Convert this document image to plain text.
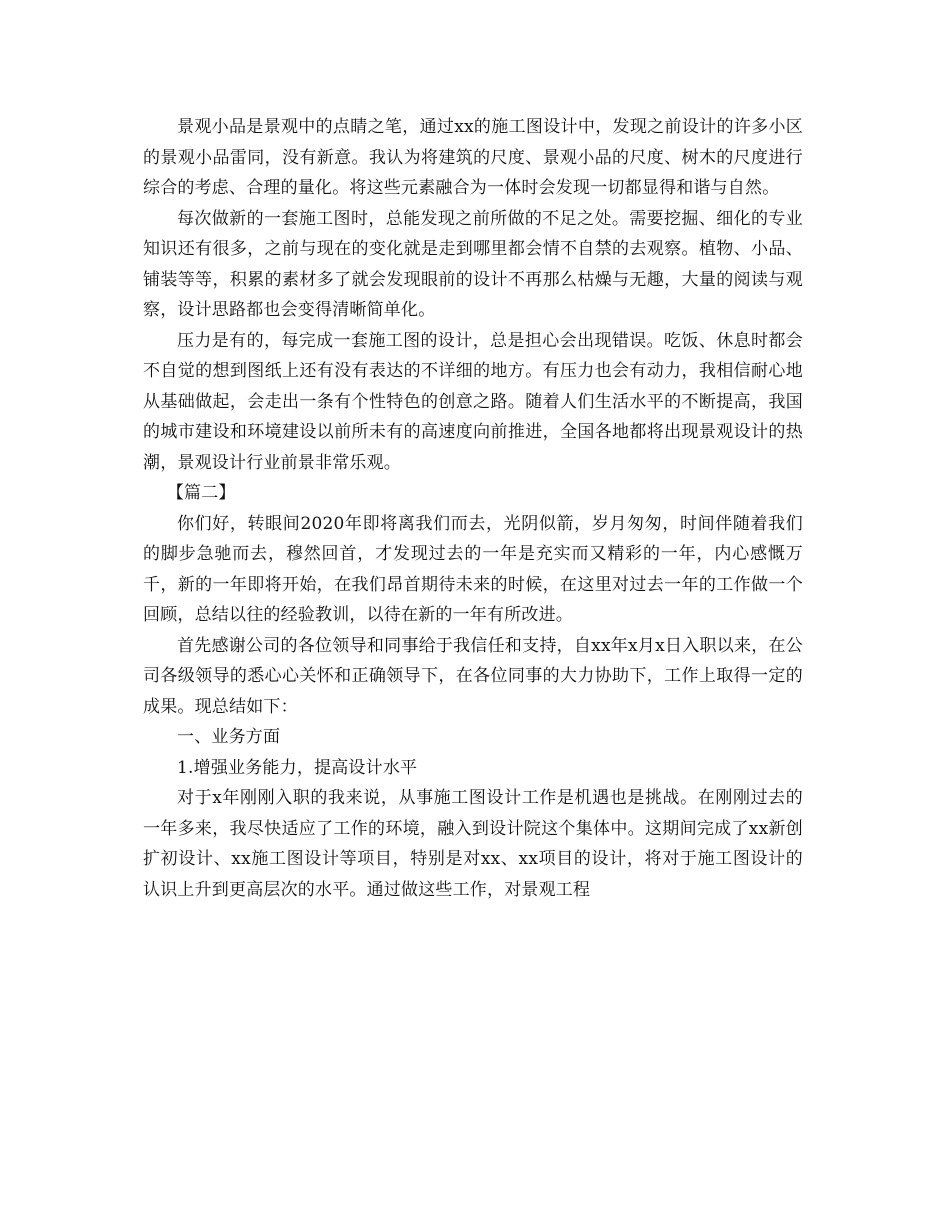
景观小品是景观中的点睛之笔，通过xx的施工图设计中，发现之前设计的许多小区的景观小品雷同，没有新意。我认为将建筑的尺度、景观小品的尺度、树木的尺度进行综合的考虑、合理的量化。将这些元素融合为一体时会发现一切都显得和谐与自然。

每次做新的一套施工图时，总能发现之前所做的不足之处。需要挖掘、细化的专业知识还有很多，之前与现在的变化就是走到哪里都会情不自禁的去观察。植物、小品、铺装等等，积累的素材多了就会发现眼前的设计不再那么枯燥与无趣，大量的阅读与观察，设计思路都也会变得清晰简单化。

压力是有的，每完成一套施工图的设计，总是担心会出现错误。吃饭、休息时都会不自觉的想到图纸上还有没有表达的不详细的地方。有压力也会有动力，我相信耐心地从基础做起，会走出一条有个性特色的创意之路。随着人们生活水平的不断提高，我国的城市建设和环境建设以前所未有的高速度向前推进，全国各地都将出现景观设计的热潮，景观设计行业前景非常乐观。

【篇二】

你们好，转眼间2020年即将离我们而去，光阴似箭，岁月匆匆，时间伴随着我们的脚步急驰而去，穆然回首，才发现过去的一年是充实而又精彩的一年，内心感慨万千，新的一年即将开始，在我们昂首期待未来的时候，在这里对过去一年的工作做一个回顾，总结以往的经验教训，以待在新的一年有所改进。

首先感谢公司的各位领导和同事给于我信任和支持，自xx年x月x日入职以来，在公司各级领导的悉心心关怀和正确领导下，在各位同事的大力协助下，工作上取得一定的成果。现总结如下：

一、业务方面

1.增强业务能力，提高设计水平

对于x年刚刚入职的我来说，从事施工图设计工作是机遇也是挑战。在刚刚过去的一年多来，我尽快适应了工作的环境，融入到设计院这个集体中。这期间完成了xx新创扩初设计、xx施工图设计等项目，特别是对xx、xx项目的设计，将对于施工图设计的认识上升到更高层次的水平。通过做这些工作，对景观工程
